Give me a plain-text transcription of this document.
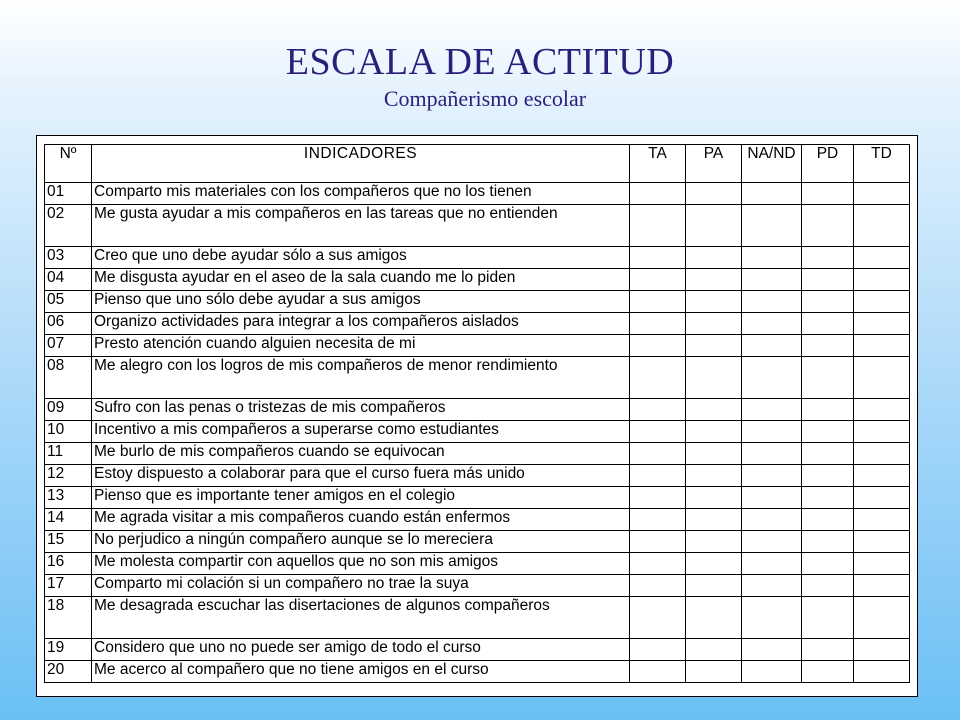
ESCALA DE ACTITUD
Compañerismo escolar
Nº	INDICADORES	TA	PA	NA/ND	PD	TD
01	Comparto mis materiales con los compañeros que no los tienen					
02	Me gusta ayudar a mis compañeros en las tareas que no entienden					
03	Creo que uno debe ayudar sólo a sus amigos					
04	Me disgusta ayudar en el aseo de la sala cuando me lo piden					
05	Pienso que uno sólo debe ayudar a sus amigos					
06	Organizo actividades para integrar a los compañeros aislados					
07	Presto atención cuando alguien necesita de mi					
08	Me alegro con los logros de mis compañeros de menor rendimiento					
09	Sufro con las penas o tristezas de mis compañeros					
10	Incentivo a mis compañeros a superarse como estudiantes					
11	Me burlo de mis compañeros cuando se equivocan					
12	Estoy dispuesto a colaborar para que el curso fuera más unido					
13	Pienso que es importante tener amigos en el colegio					
14	Me agrada visitar a mis compañeros cuando están enfermos					
15	No perjudico a ningún compañero aunque se lo mereciera					
16	Me molesta compartir con aquellos que no son mis amigos					
17	Comparto mi colación si un compañero no trae la suya					
18	Me desagrada escuchar las disertaciones de algunos compañeros					
19	Considero que uno no puede ser amigo de todo el curso					
20	Me acerco al compañero que no tiene amigos en el curso					
